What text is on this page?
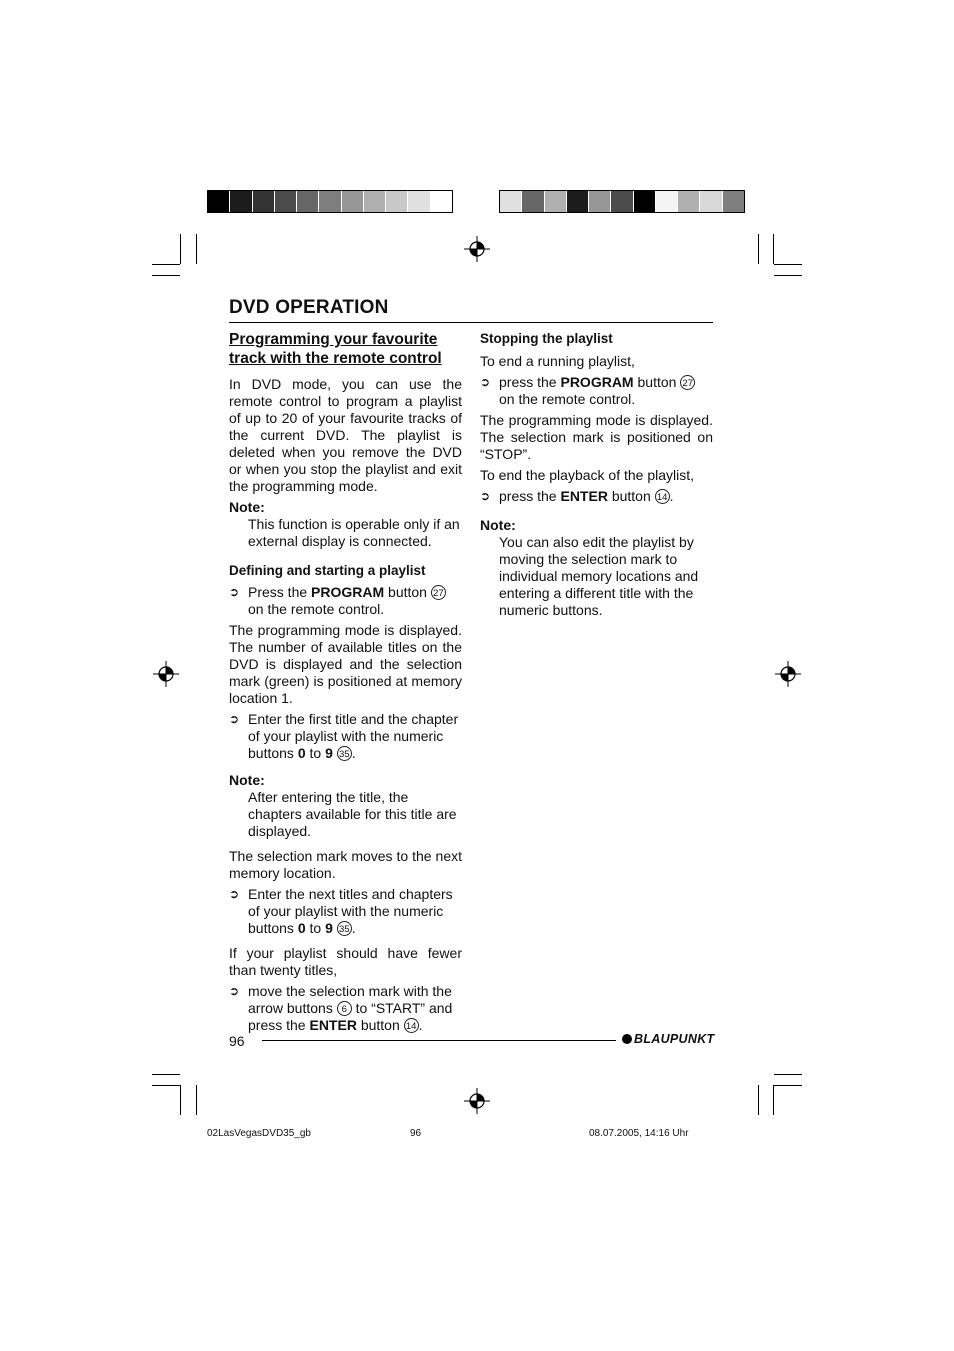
DVD OPERATION
Programming your favourite track with the remote control
In DVD mode, you can use the remote control to program a playlist of up to 20 of your favourite tracks of the current DVD. The playlist is deleted when you remove the DVD or when you stop the playlist and exit the programming mode.
Note:
This function is operable only if an external display is connected.
Defining and starting a playlist
➲ Press the PROGRAM button 27 on the remote control.
The programming mode is displayed. The number of available titles on the DVD is displayed and the selection mark (green) is positioned at memory location 1.
➲ Enter the first title and the chapter of your playlist with the numeric buttons 0 to 9 35 .
Note:
After entering the title, the chapters available for this title are displayed.
The selection mark moves to the next memory location.
➲ Enter the next titles and chapters of your playlist with the numeric buttons 0 to 9 35 .
If your playlist should have fewer than twenty titles,
➲ move the selection mark with the arrow buttons 6 to “START” and press the ENTER button 14 .
Stopping the playlist
To end a running playlist,
➲ press the PROGRAM button 27 on the remote control.
The programming mode is displayed. The selection mark is positioned on “STOP”.
To end the playback of the playlist,
➲ press the ENTER button 14 .
Note:
You can also edit the playlist by moving the selection mark to individual memory locations and entering a different title with the numeric buttons.
96	BLAUPUNKT
02LasVegasDVD35_gb	96	08.07.2005, 14:16 Uhr
